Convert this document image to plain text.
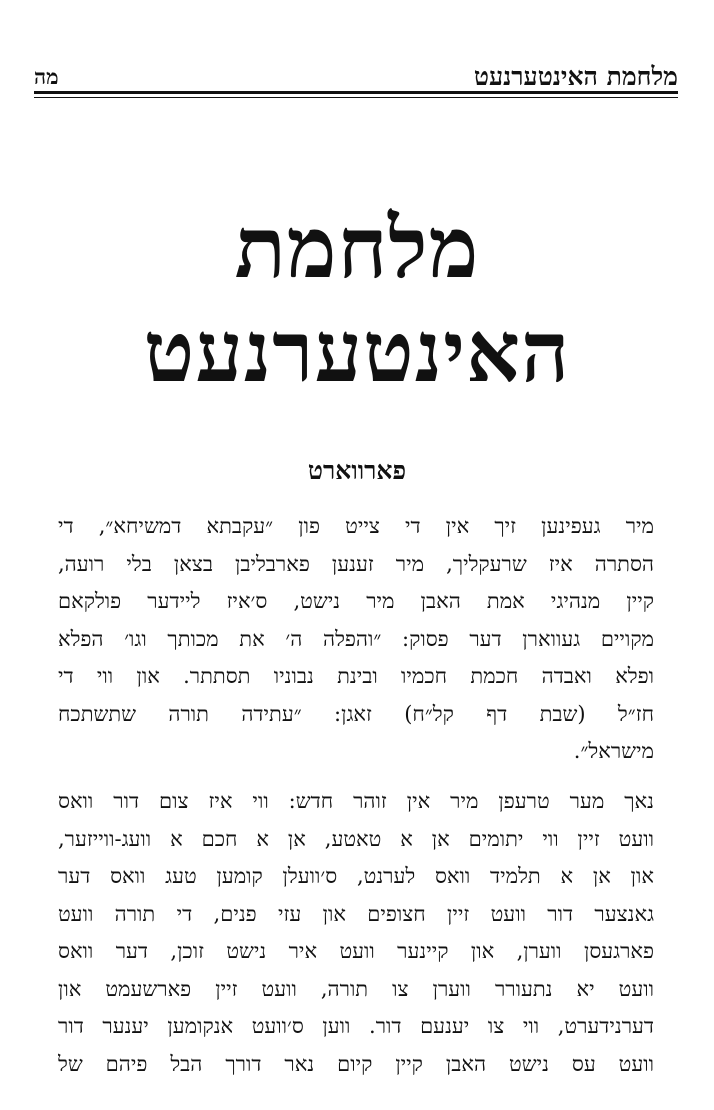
מלחמת האינטערנעט
מה
מלחמת
האינטערנעט
פארווארט
מיר געפינען זיך אין די צייט פון ״עקבתא דמשיחא״, די
הסתרה איז שרעקליך, מיר זענען פארבליבן בצאן בלי רועה,
קיין מנהיגי אמת האבן מיר נישט, ס׳איז ליידער פולקאם
מקויים געווארן דער פסוק: ״והפלה ה׳ את מכותך וגו׳ הפלא
ופלא ואבדה חכמת חכמיו ובינת נבוניו תסתתר. און ווי די
חז״ל (שבת דף קל״ח) זאגן: ״עתידה תורה שתשתכח
מישראל״.
נאך מער טרעפן מיר אין זוהר חדש: ווי איז צום דור וואס
וועט זיין ווי יתומים אן א טאטע, אן א חכם א וועג-ווייזער,
און אן א תלמיד וואס לערנט, ס׳וועלן קומען טעג וואס דער
גאנצער דור וועט זיין חצופים און עזי פנים, די תורה וועט
פארגעסן ווערן, און קיינער וועט איר נישט זוכן, דער וואס
וועט יא נתעורר ווערן צו תורה, וועט זיין פארשעמט און
דערנידערט, ווי צו יענעם דור. ווען ס׳וועט אנקומען יענער דור
וועט עס נישט האבן קיין קיום נאר דורך הבל פיהם של
